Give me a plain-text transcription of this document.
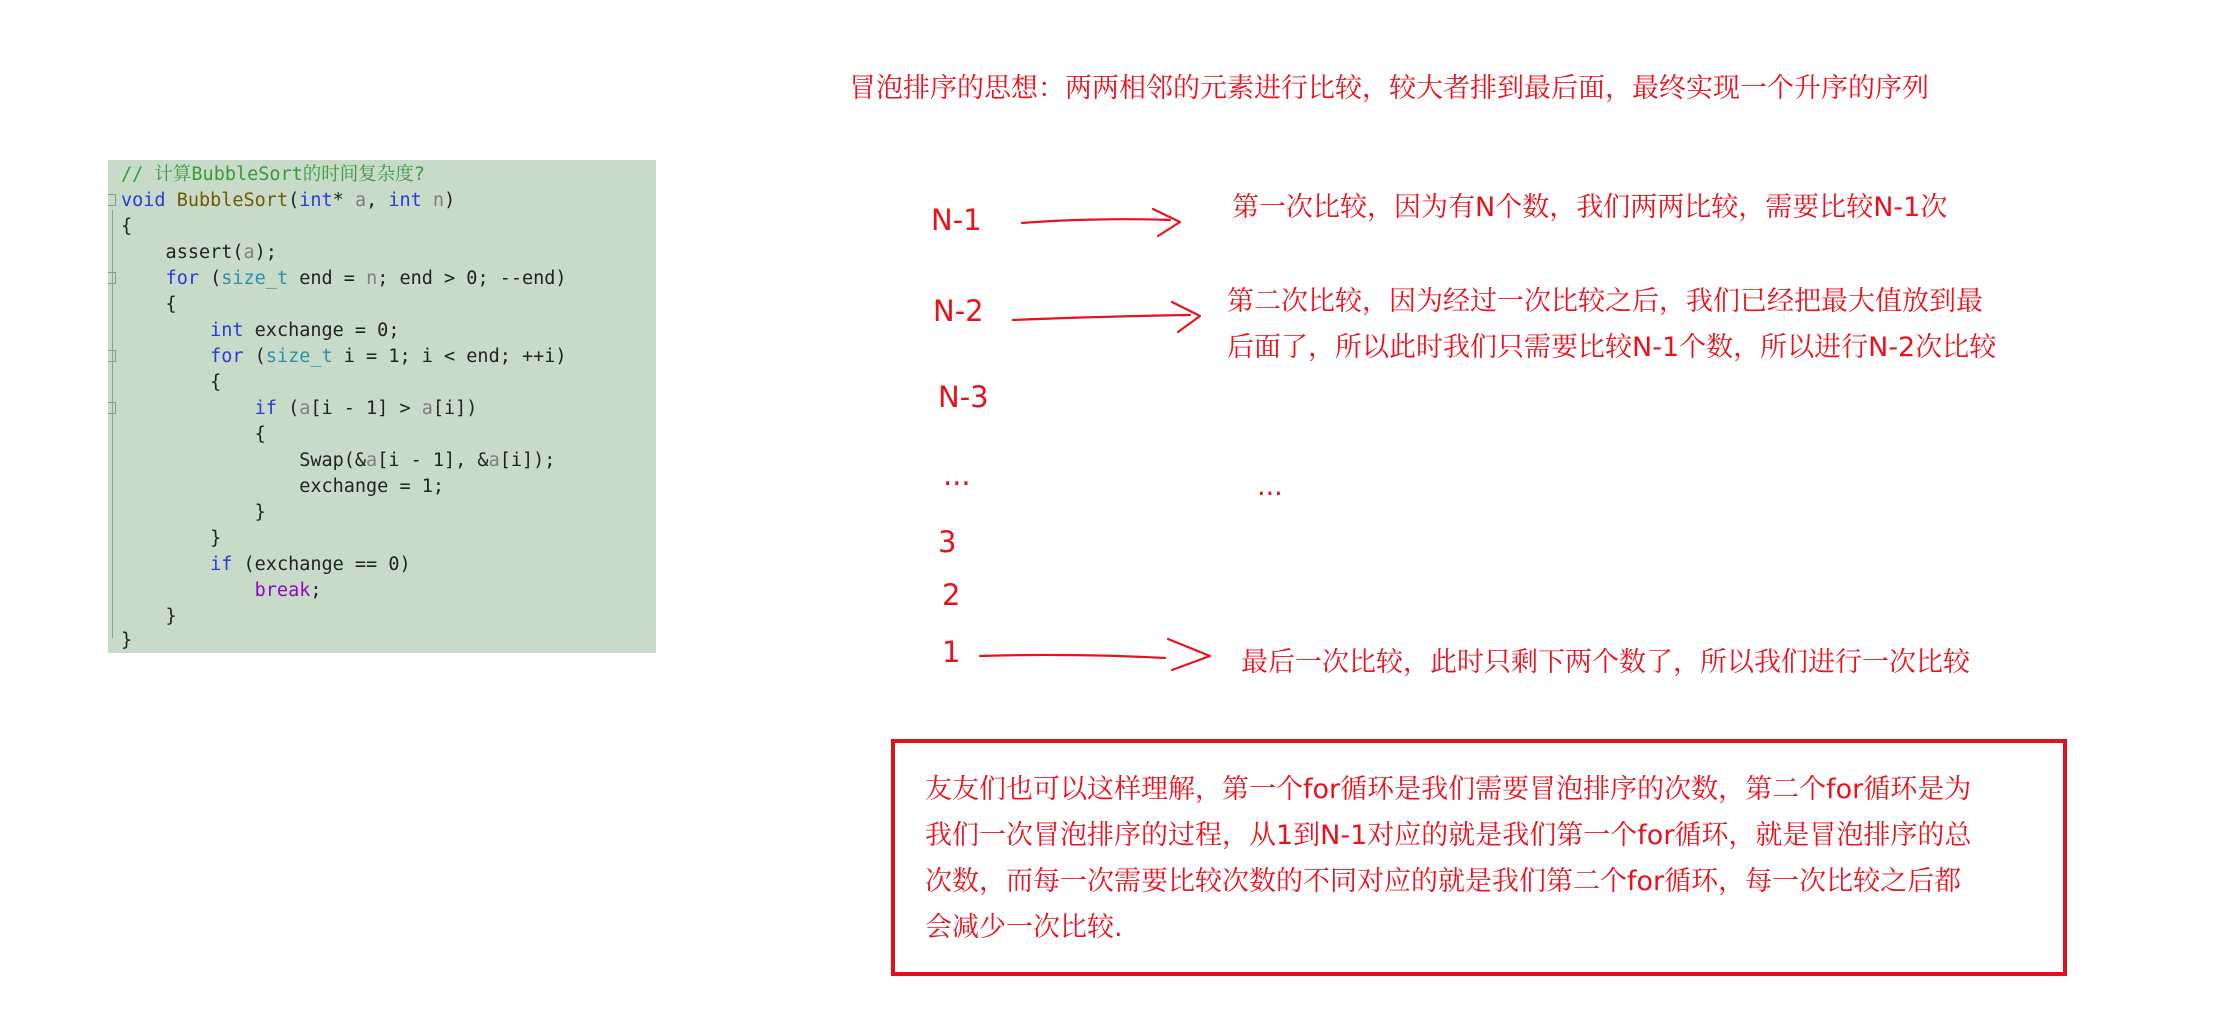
// 计算BubbleSort的时间复杂度?

void BubbleSort(int* a, int n)

{

assert(a);

for (size_t end = n; end > 0; --end)

{

int exchange = 0;

for (size_t i = 1; i < end; ++i)

{

if (a[i - 1] > a[i])

{

Swap(&a[i - 1], &a[i]);

exchange = 1;

}

}

if (exchange == 0)

break;

}

}

冒泡排序的思想：两两相邻的元素进行比较，较大者排到最后面，最终实现一个升序的序列
N-1
N-2
N-3
...
3
2
1
第一次比较，因为有N个数，我们两两比较，需要比较N-1次
第二次比较，因为经过一次比较之后，我们已经把最大值放到最
后面了，所以此时我们只需要比较N-1个数，所以进行N-2次比较
...
最后一次比较，此时只剩下两个数了，所以我们进行一次比较
友友们也可以这样理解，第一个for循环是我们需要冒泡排序的次数，第二个for循环是为
我们一次冒泡排序的过程，从1到N-1对应的就是我们第一个for循环，就是冒泡排序的总
次数，而每一次需要比较次数的不同对应的就是我们第二个for循环，每一次比较之后都
会减少一次比较.
